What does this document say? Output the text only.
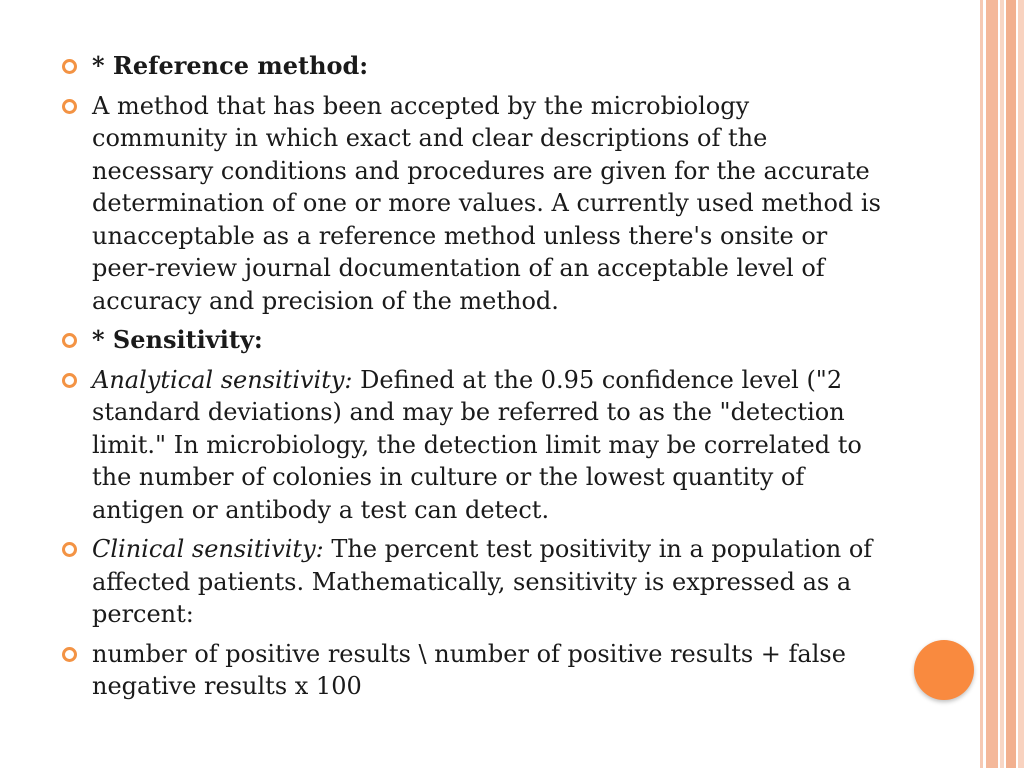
* Reference method:
A method that has been accepted by the microbiology community in which exact and clear descriptions of the necessary conditions and procedures are given for the accurate determination of one or more values. A currently used method is unacceptable as a reference method unless there's onsite or peer-review journal documentation of an acceptable level of accuracy and precision of the method.
* Sensitivity:
Analytical sensitivity: Defined at the 0.95 confidence level ("2 standard deviations) and may be referred to as the "detection limit." In microbiology, the detection limit may be correlated to the number of colonies in culture or the lowest quantity of antigen or antibody a test can detect.
Clinical sensitivity: The percent test positivity in a population of affected patients. Mathematically, sensitivity is expressed as a percent:
number of positive results \ number of positive results + false negative results x 100
